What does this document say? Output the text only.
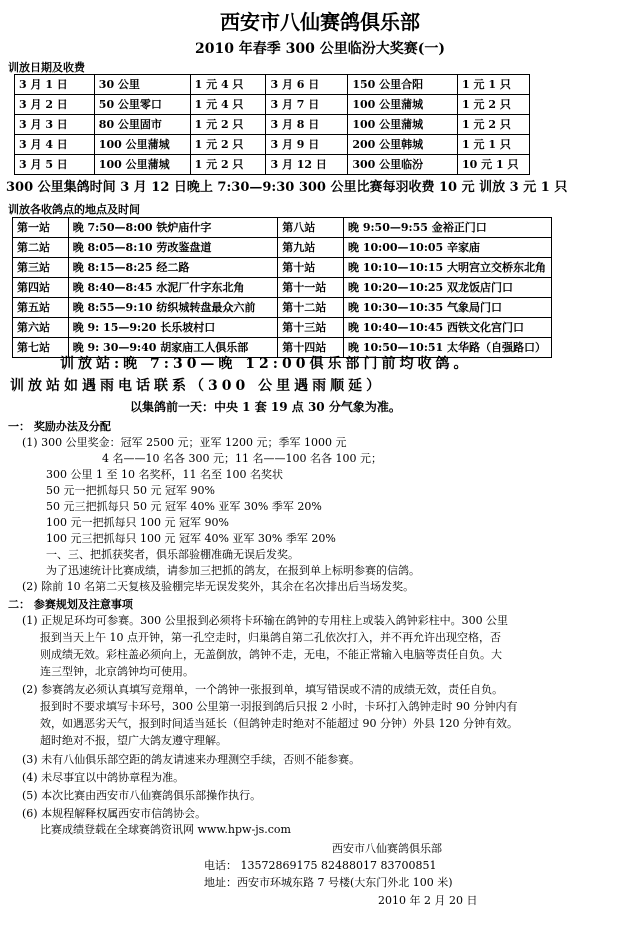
西安市八仙赛鸽俱乐部
2010 年春季 300 公里临汾大奖赛(一)
训放日期及收费
3 月 1 日	30 公里	1 元 4 只	3 月 6 日	150 公里合阳	1 元 1 只
3 月 2 日	50 公里零口	1 元 4 只	3 月 7 日	100 公里蒲城	1 元 2 只
3 月 3 日	80 公里固市	1 元 2 只	3 月 8 日	100 公里蒲城	1 元 2 只
3 月 4 日	100 公里蒲城	1 元 2 只	3 月 9 日	200 公里韩城	1 元 1 只
3 月 5 日	100 公里蒲城	1 元 2 只	3 月 12 日	300 公里临汾	10 元 1 只
300 公里集鸽时间 3 月 12 日晚上 7:30—9:30 300 公里比赛每羽收费 10 元 训放 3 元 1 只
训放各收鸽点的地点及时间
第一站	晚 7:50—8:00 铁炉庙什字	第八站	晚 9:50—9:55 金裕正门口
第二站	晚 8:05—8:10 劳改鉴盘道	第九站	晚 10:00—10:05 辛家庙
第三站	晚 8:15—8:25 经二路	第十站	晚 10:10—10:15 大明宫立交桥东北角
第四站	晚 8:40—8:45 水泥厂什字东北角	第十一站	晚 10:20—10:25 双龙饭店门口
第五站	晚 8:55—9:10 纺织城转盘最众六前	第十二站	晚 10:30—10:35 气象局门口
第六站	晚 9: 15—9:20 长乐坡村口	第十三站	晚 10:40—10:45 西铁文化宫门口
第七站	晚 9: 30—9:40 胡家庙工人俱乐部	第十四站	晚 10:50—10:51 太华路（自强路口）
训放站:晚 7:30—晚 12:00俱乐部门前均收鸽。
训放站如遇雨电话联系（300 公里遇雨顺延）
以集鸽前一天：中央 1 套 19 点 30 分气象为准。
一： 奖励办法及分配
(1) 300 公里奖金：冠军 2500 元；亚军 1200 元；季军 1000 元
4 名——10 名各 300 元；11 名——100 名各 100 元；
300 公里 1 至 10 名奖杯，11 名至 100 名奖状
50 元一把抓每只 50 元 冠军 90%
50 元三把抓每只 50 元 冠军 40% 亚军 30% 季军 20%
100 元一把抓每只 100 元 冠军 90%
100 元三把抓每只 100 元 冠军 40% 亚军 30% 季军 20%
一、三、把抓获奖者，俱乐部验棚准确无误后发奖。
为了迅速统计比赛成绩，请参加三把抓的鸽友，在报到单上标明参赛的信鸽。
(2) 除前 10 名第二天复核及验棚完毕无误发奖外，其余在名次排出后当场发奖。
二： 参赛规划及注意事项
(1) 正规足环均可参赛。300 公里报到必须将卡环输在鸽钟的专用柱上或装入鸽钟彩柱中。300 公里
报到当天上午 10 点开钟，第一孔空走时，归巢鸽自第二孔依次打入，并不再允许出现空格，否
则成绩无效。彩柱盖必须向上，无盖倒放，鸽钟不走，无电，不能正常输入电脑等责任自负。大
连三型钟，北京鸽钟均可使用。
(2) 参赛鸽友必须认真填写竞翔单，一个鸽钟一张报到单，填写错误或不清的成绩无效，责任自负。
报到时不要求填写卡环号，300 公里第一羽报到鸽后只报 2 小时，卡环打入鸽钟走时 90 分钟内有
效，如遇恶劣天气，报到时间适当延长（但鸽钟走时绝对不能超过 90 分钟）外县 120 分钟有效。
超时绝对不报，望广大鸽友遵守理解。
(3) 未有八仙俱乐部空距的鸽友请速来办理测空手续，否则不能参赛。
(4) 未尽事宜以中鸽协章程为准。
(5) 本次比赛由西安市八仙赛鸽俱乐部操作执行。
(6) 本规程解释权属西安市信鸽协会。
比赛成绩登载在全球赛鸽资讯网 www.hpw-js.com
西安市八仙赛鸽俱乐部
电话： 13572869175 82488017 83700851
地址：西安市环城东路 7 号楼(大东门外北 100 米)
2010 年 2 月 20 日
